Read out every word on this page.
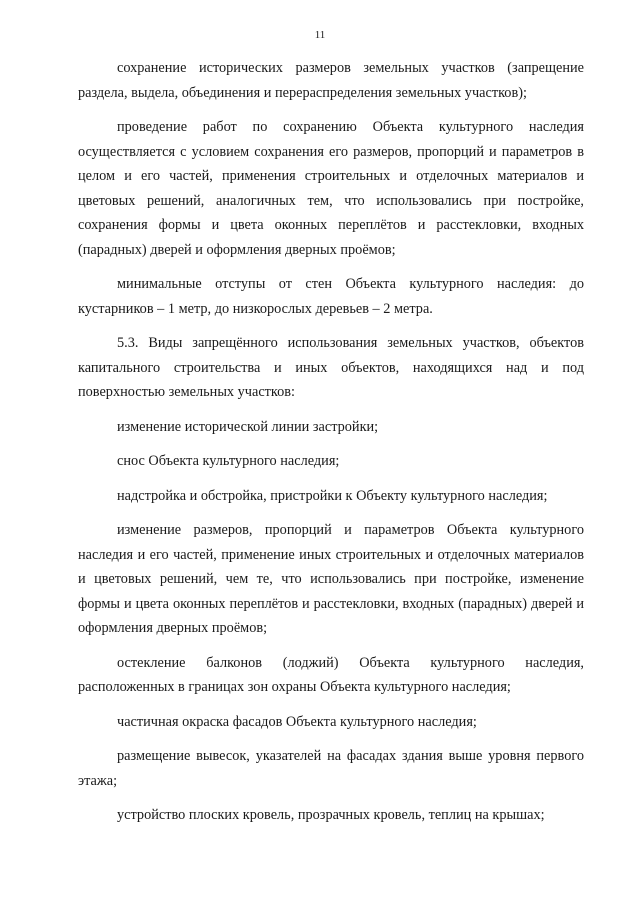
11

сохранение исторических размеров земельных участков (запрещение раздела, выдела, объединения и перераспределения земельных участков);

проведение работ по сохранению Объекта культурного наследия осуществляется с условием сохранения его размеров, пропорций и параметров в целом и его частей, применения строительных и отделочных материалов и цветовых решений, аналогичных тем, что использовались при постройке, сохранения формы и цвета оконных переплётов и расстекловки, входных (парадных) дверей и оформления дверных проёмов;

минимальные отступы от стен Объекта культурного наследия: до кустарников – 1 метр, до низкорослых деревьев – 2 метра.

5.3. Виды запрещённого использования земельных участков, объектов капитального строительства и иных объектов, находящихся над и под поверхностью земельных участков:

изменение исторической линии застройки;

снос Объекта культурного наследия;

надстройка и обстройка, пристройки к Объекту культурного наследия;

изменение размеров, пропорций и параметров Объекта культурного наследия и его частей, применение иных строительных и отделочных материалов и цветовых решений, чем те, что использовались при постройке, изменение формы и цвета оконных переплётов и расстекловки, входных (парадных) дверей и оформления дверных проёмов;

остекление балконов (лоджий) Объекта культурного наследия, расположенных в границах зон охраны Объекта культурного наследия;

частичная окраска фасадов Объекта культурного наследия;

размещение вывесок, указателей на фасадах здания выше уровня первого этажа;

устройство плоских кровель, прозрачных кровель, теплиц на крышах;
